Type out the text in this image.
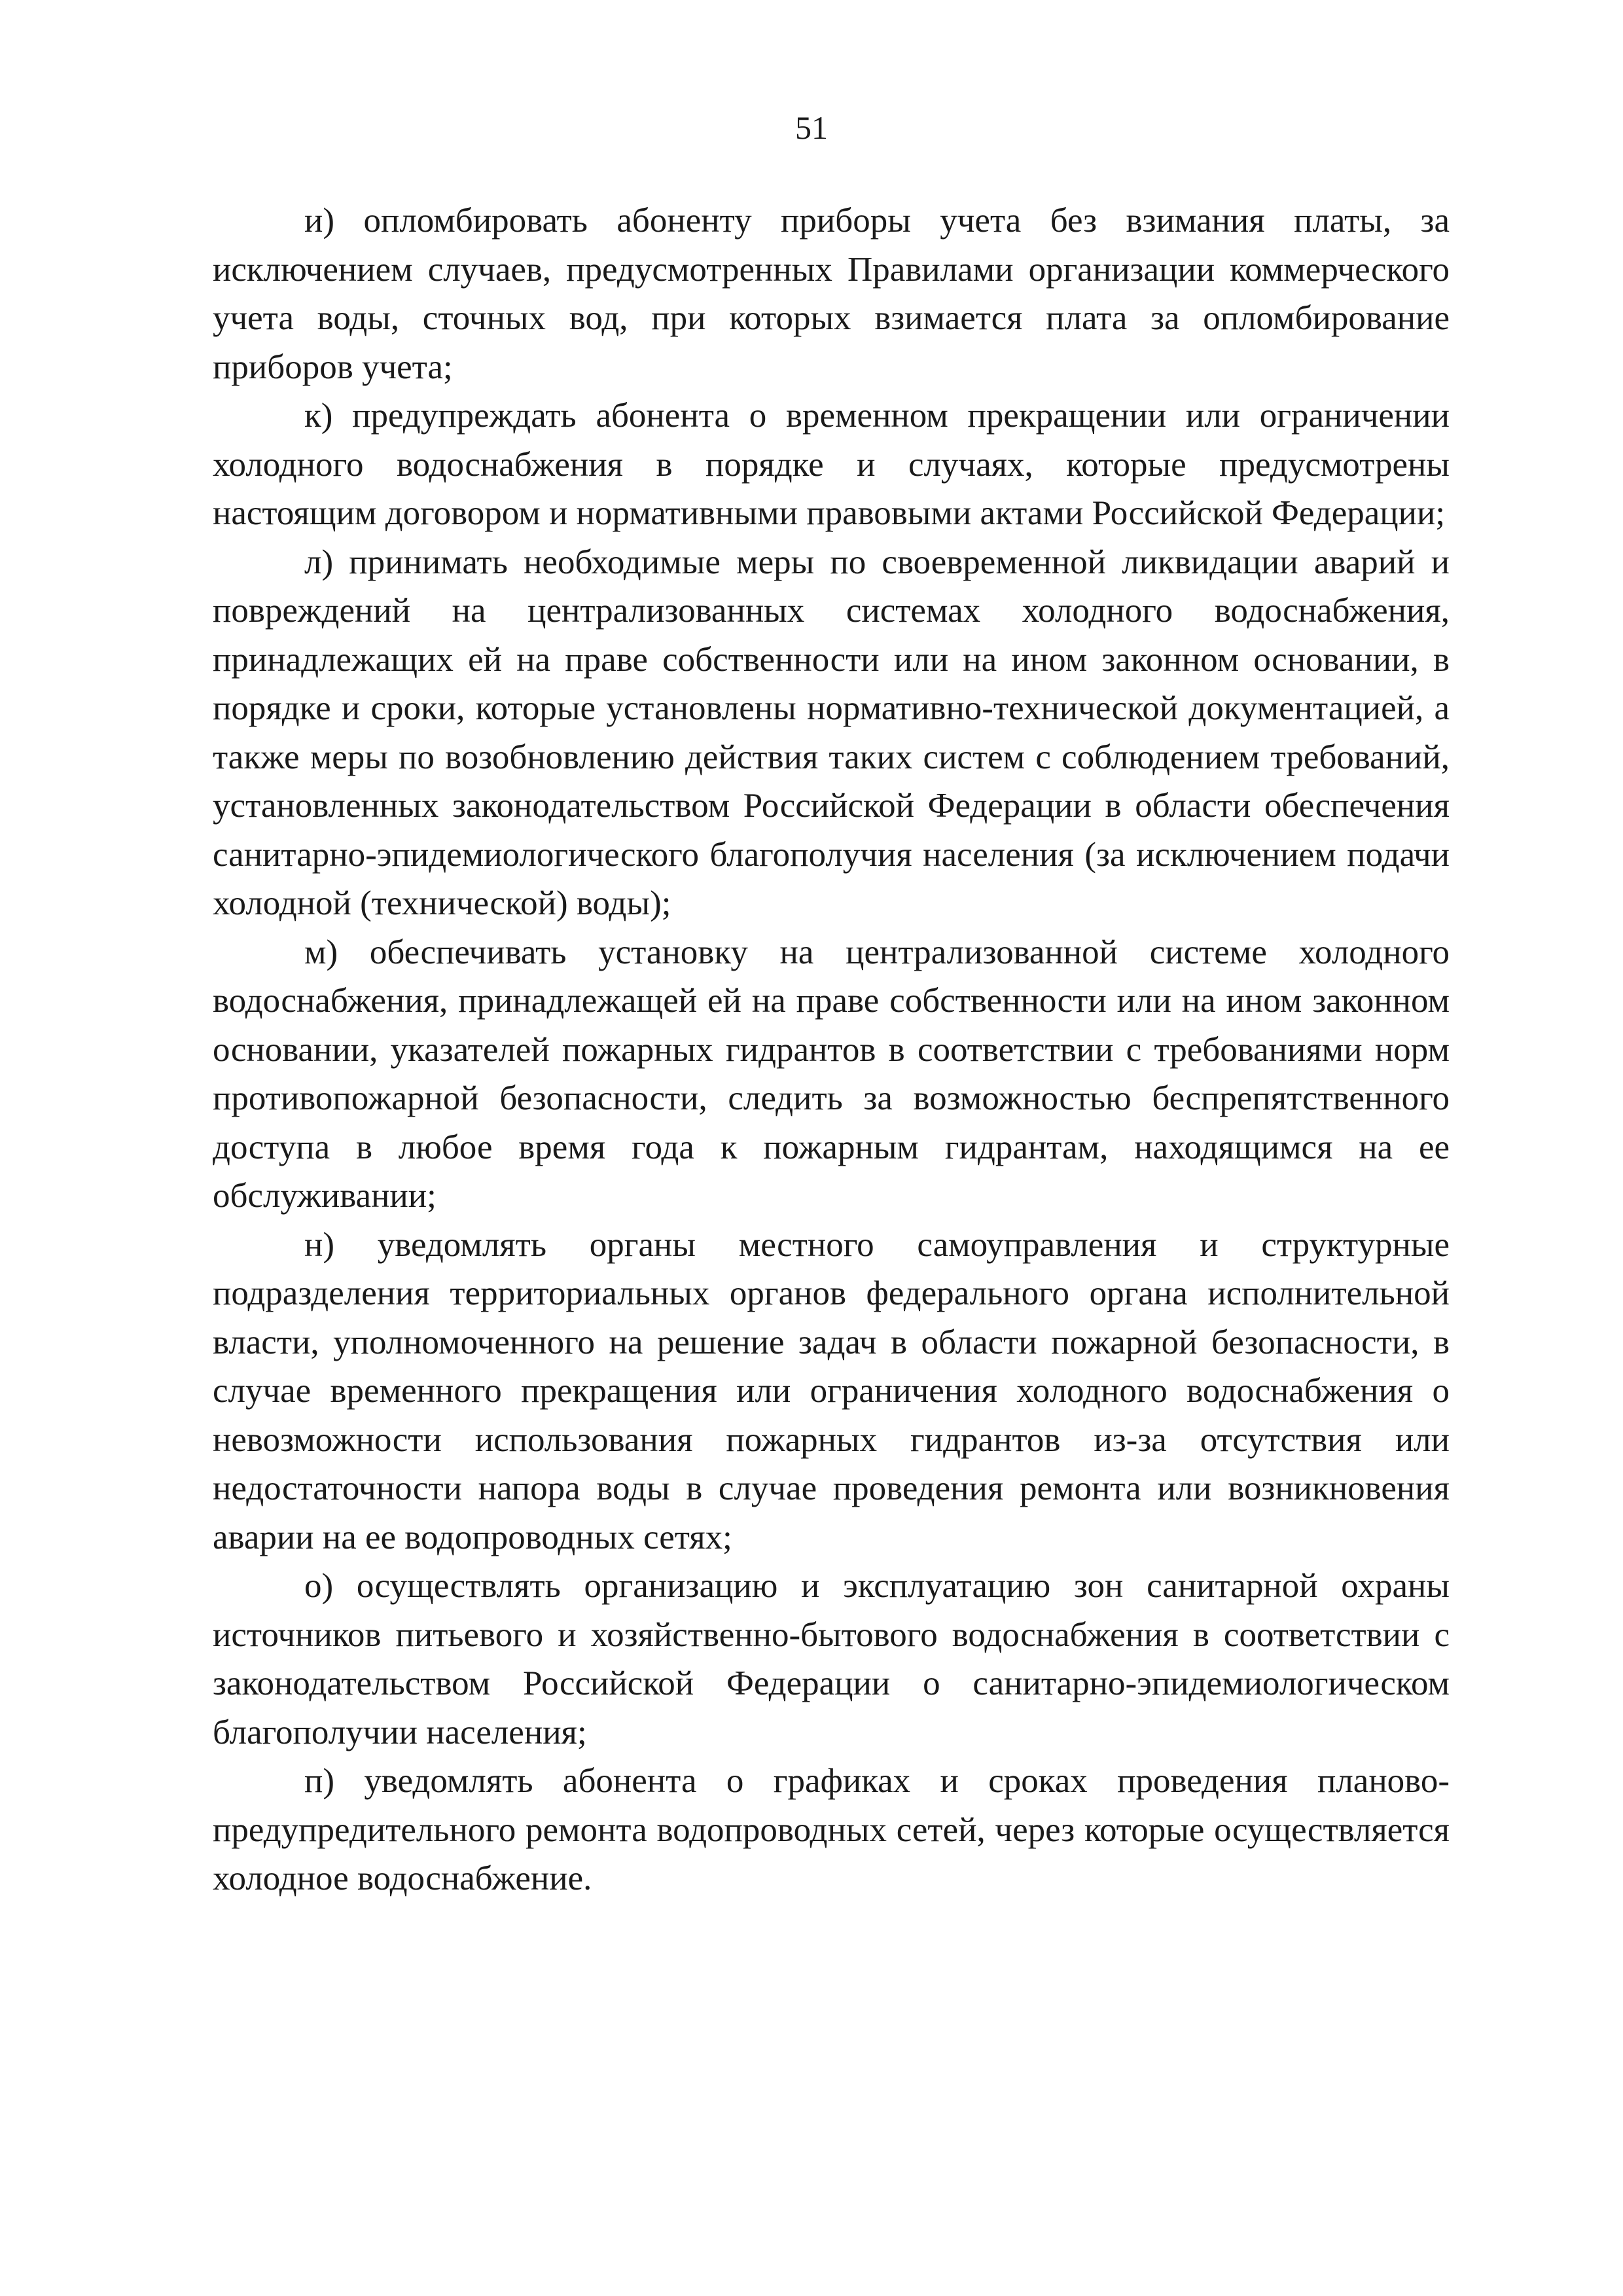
51

и) опломбировать абоненту приборы учета без взимания платы, за исключением случаев, предусмотренных Правилами организации коммерческого учета воды, сточных вод, при которых взимается плата за опломбирование приборов учета;

к) предупреждать абонента о временном прекращении или ограничении холодного водоснабжения в порядке и случаях, которые предусмотрены настоящим договором и нормативными правовыми актами Российской Федерации;

л) принимать необходимые меры по своевременной ликвидации аварий и повреждений на централизованных системах холодного водоснабжения, принадлежащих ей на праве собственности или на ином законном основании, в порядке и сроки, которые установлены нормативно-технической документацией, а также меры по возобновлению действия таких систем с соблюдением требований, установленных законодательством Российской Федерации в области обеспечения санитарно-эпидемиологического благополучия населения (за исключением подачи холодной (технической) воды);

м) обеспечивать установку на централизованной системе холодного водоснабжения, принадлежащей ей на праве собственности или на ином законном основании, указателей пожарных гидрантов в соответствии с требованиями норм противопожарной безопасности, следить за возможностью беспрепятственного доступа в любое время года к пожарным гидрантам, находящимся на ее обслуживании;

н) уведомлять органы местного самоуправления и структурные подразделения территориальных органов федерального органа исполнительной власти, уполномоченного на решение задач в области пожарной безопасности, в случае временного прекращения или ограничения холодного водоснабжения о невозможности использования пожарных гидрантов из-за отсутствия или недостаточности напора воды в случае проведения ремонта или возникновения аварии на ее водопроводных сетях;

о) осуществлять организацию и эксплуатацию зон санитарной охраны источников питьевого и хозяйственно-бытового водоснабжения в соответствии с законодательством Российской Федерации о санитарно-эпидемиологическом благополучии населения;

п) уведомлять абонента о графиках и сроках проведения планово-предупредительного ремонта водопроводных сетей, через которые осуществляется холодное водоснабжение.
